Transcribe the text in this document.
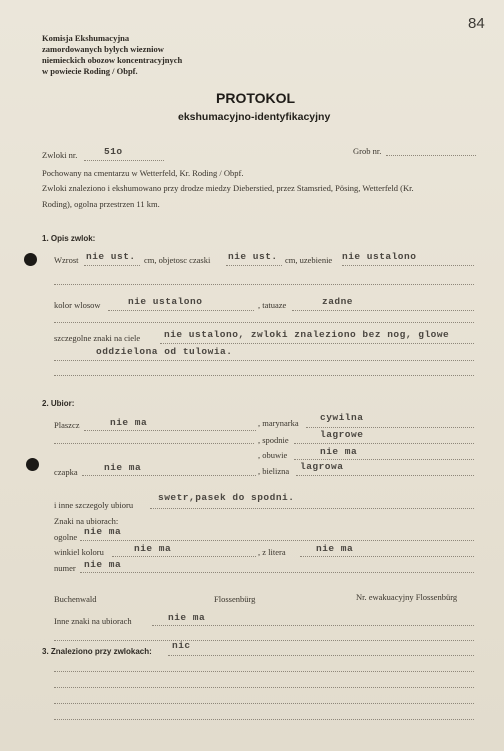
84
Komisja Ekshumacyjna
zamordowanych bylych wiezniow
niemieckich obozow koncentracyjnych
w powiecie Roding / Obpf.
PROTOKOL
ekshumacyjno-identyfikacyjny
Zwloki nr.	51o	Grob nr.
Pochowany na cmentarzu w Wetterfeld, Kr. Roding / Obpf.
Zwloki znaleziono i ekshumowano przy drodze miedzy Dieberstied, przez Stamsried, Pösing, Wetterfeld (Kr.
Roding), ogolna przestrzen 11 km.
1. Opis zwlok:
Wzrost nie ust. cm, objetosc czaski nie ust. cm, uzebienie nie ustalono
kolor wlosow	nie ustalono	, tatuaze	zadne
szczegolne znaki na ciele	nie ustalono, zwloki znaleziono bez nog, glowe
oddzielona od tulowia.
2. Ubior:
Plaszcz	nie ma	, marynarka cywilna
, spodnie	lagrowe
, obuwie	nie ma
czapka	nie ma	, bielizna lagrowa
i inne szczegoly ubioru
swetr,pasek do spodni.
Znaki na ubiorach:
ogolne nie ma
winkiel koloru	nie ma	, z litera	nie ma
numer nie ma
Buchenwald	Flossenbürg	Nr. ewakuacyjny Flossenbürg
Inne znaki na ubiorach	nie ma
3. Znaleziono przy zwlokach:
nic
